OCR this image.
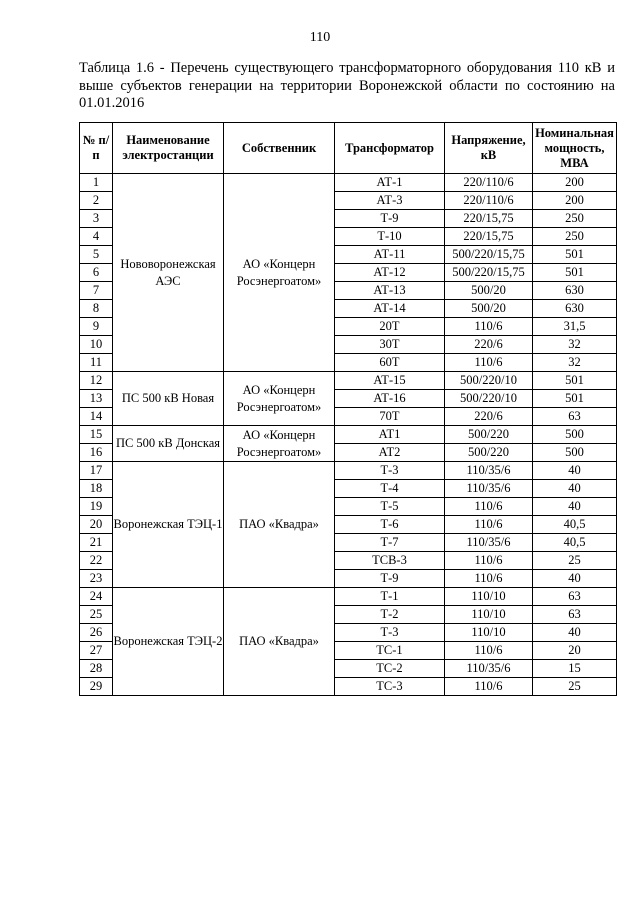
110
Таблица 1.6 - Перечень существующего трансформаторного оборудования 110 кВ и выше субъектов генерации на территории Воронежской области по состоянию на 01.01.2016
№ п/п	Наименование электростанции	Собственник	Трансформатор	Напряжение, кВ	Номинальная мощность, МВА
1	Нововоронежская АЭС	АО «Концерн Росэнергоатом»	АТ-1	220/110/6	200
2			АТ-3	220/110/6	200
3			Т-9	220/15,75	250
4			Т-10	220/15,75	250
5			АТ-11	500/220/15,75	501
6			АТ-12	500/220/15,75	501
7			АТ-13	500/20	630
8			АТ-14	500/20	630
9			20Т	110/6	31,5
10			30Т	220/6	32
11			60Т	110/6	32
12	ПС 500 кВ Новая	АО «Концерн Росэнергоатом»	АТ-15	500/220/10	501
13			АТ-16	500/220/10	501
14			70Т	220/6	63
15	ПС 500 кВ Донская	АО «Концерн Росэнергоатом»	АТ1	500/220	500
16			АТ2	500/220	500
17	Воронежская ТЭЦ-1	ПАО «Квадра»	Т-3	110/35/6	40
18			Т-4	110/35/6	40
19			Т-5	110/6	40
20			Т-6	110/6	40,5
21			Т-7	110/35/6	40,5
22			ТСВ-3	110/6	25
23			Т-9	110/6	40
24	Воронежская ТЭЦ-2	ПАО «Квадра»	Т-1	110/10	63
25			Т-2	110/10	63
26			Т-3	110/10	40
27			ТС-1	110/6	20
28			ТС-2	110/35/6	15
29			ТС-3	110/6	25
